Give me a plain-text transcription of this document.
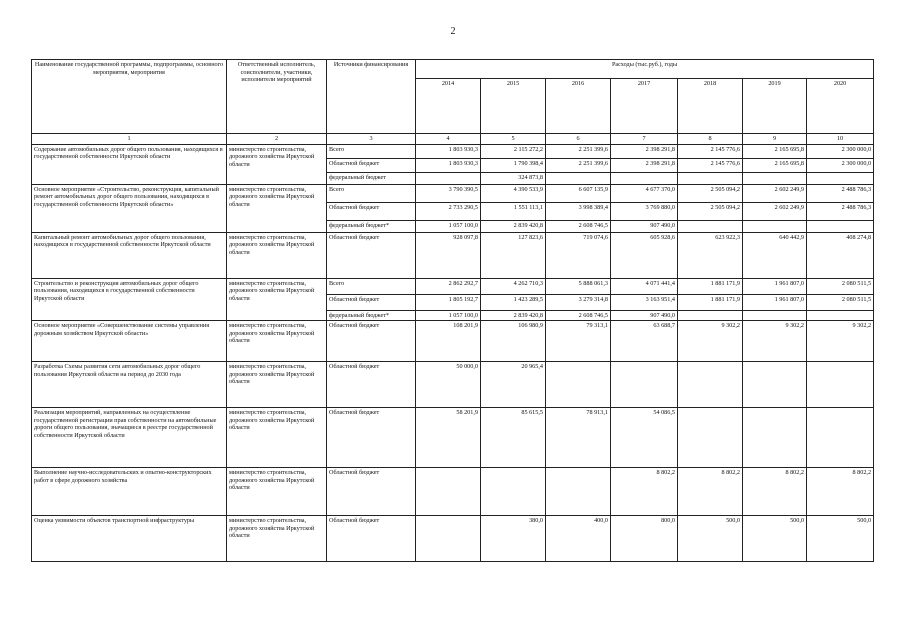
2
Наименование государственной программы, подпрограммы, основного мероприятия, мероприятия	Ответственный исполнитель, соисполнители, участники, исполнители мероприятий	Источники финансирования	Расходы (тыс.руб.), годы						
			2014	2015	2016	2017	2018	2019	2020
1	2	3	4	5	6	7	8	9	10
Содержание автомобильных дорог общего пользования, находящихся в государственной собственности Иркутской области	министерство строительства, дорожного хозяйства Иркутской области	Всего	1 803 930,3	2 115 272,2	2 251 399,6	2 398 291,8	2 145 776,6	2 165 695,8	2 300 000,0
		Областной бюджет	1 803 930,3	1 790 398,4	2 251 399,6	2 398 291,8	2 145 776,6	2 165 695,8	2 300 000,0
		федеральный бюджет		324 873,8					
Основное мероприятие «Строительство, реконструкция, капитальный ремонт автомобильных дорог общего пользования, находящихся в государственной собственности Иркутской области»	министерство строительства, дорожного хозяйства Иркутской области	Всего	3 790 390,5	4 390 533,9	6 607 135,9	4 677 370,0	2 505 094,2	2 602 249,9	2 488 786,3
		Областной бюджет	2 733 290,5	1 551 113,1	3 998 389,4	3 769 880,0	2 505 094,2	2 602 249,9	2 488 786,3
		федеральный бюджет*	1 057 100,0	2 839 420,8	2 608 746,5	907 490,0			
Капитальный ремонт автомобильных дорог общего пользования, находящихся в государственной собственности Иркутской области	министерство строительства, дорожного хозяйства Иркутской области	Областной бюджет	928 097,8	127 823,6	719 074,6	605 928,6	623 922,3	640 442,9	408 274,8
Строительство и реконструкция автомобильных дорог общего пользования, находящихся в государственной собственности Иркутской области	министерство строительства, дорожного хозяйства Иркутской области	Всего	2 862 292,7	4 262 710,3	5 888 061,3	4 071 441,4	1 881 171,9	1 961 807,0	2 080 511,5
		Областной бюджет	1 805 192,7	1 423 289,5	3 279 314,8	3 163 951,4	1 881 171,9	1 961 807,0	2 080 511,5
		федеральный бюджет*	1 057 100,0	2 839 420,8	2 608 746,5	907 490,0			
Основное мероприятие «Совершенствование системы управления дорожным хозяйством Иркутской области»	министерство строительства, дорожного хозяйства Иркутской области	Областной бюджет	108 201,9	106 980,9	79 313,1	63 688,7	9 302,2	9 302,2	9 302,2
Разработка Схемы развития сети автомобильных дорог общего пользования Иркутской области на период до 2030 года	министерство строительства, дорожного хозяйства Иркутской области	Областной бюджет	50 000,0	20 965,4					
Реализация мероприятий, направленных на осуществление государственной регистрации прав собственности на автомобильные дороги общего пользования, значащиеся в реестре государственной собственности Иркутской области	министерство строительства, дорожного хозяйства Иркутской области	Областной бюджет	58 201,9	85 615,5	78 913,1	54 086,5			
Выполнение научно-исследовательских и опытно-конструкторских работ в сфере дорожного хозяйства	министерство строительства, дорожного хозяйства Иркутской области	Областной бюджет				8 802,2	8 802,2	8 802,2	8 802,2
Оценка уязвимости объектов транспортной инфраструктуры	министерство строительства, дорожного хозяйства Иркутской области	Областной бюджет		380,0	400,0	800,0	500,0	500,0	500,0
